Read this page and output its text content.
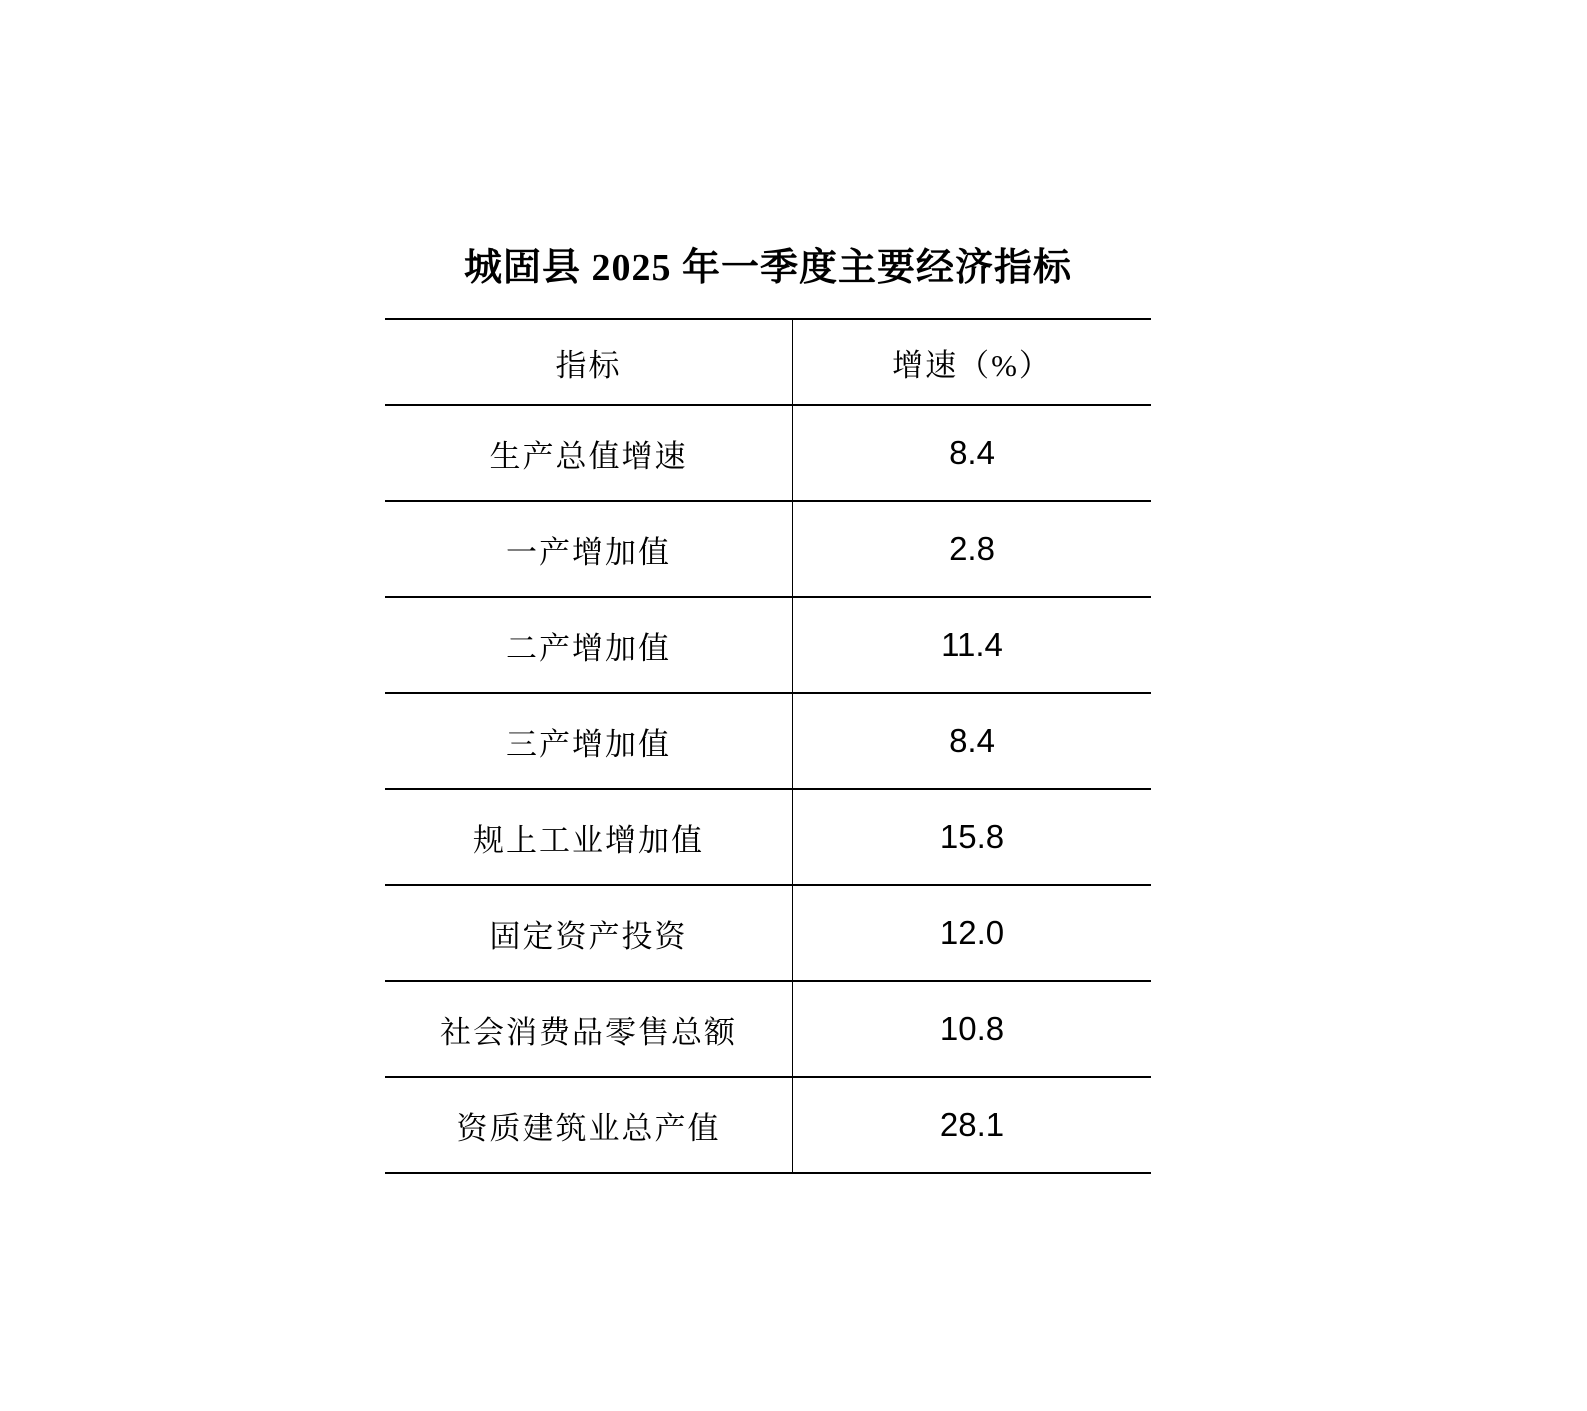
城固县 2025 年一季度主要经济指标
指标	增速（%）
生产总值增速	8.4
一产增加值	2.8
二产增加值	11.4
三产增加值	8.4
规上工业增加值	15.8
固定资产投资	12.0
社会消费品零售总额	10.8
资质建筑业总产值	28.1
